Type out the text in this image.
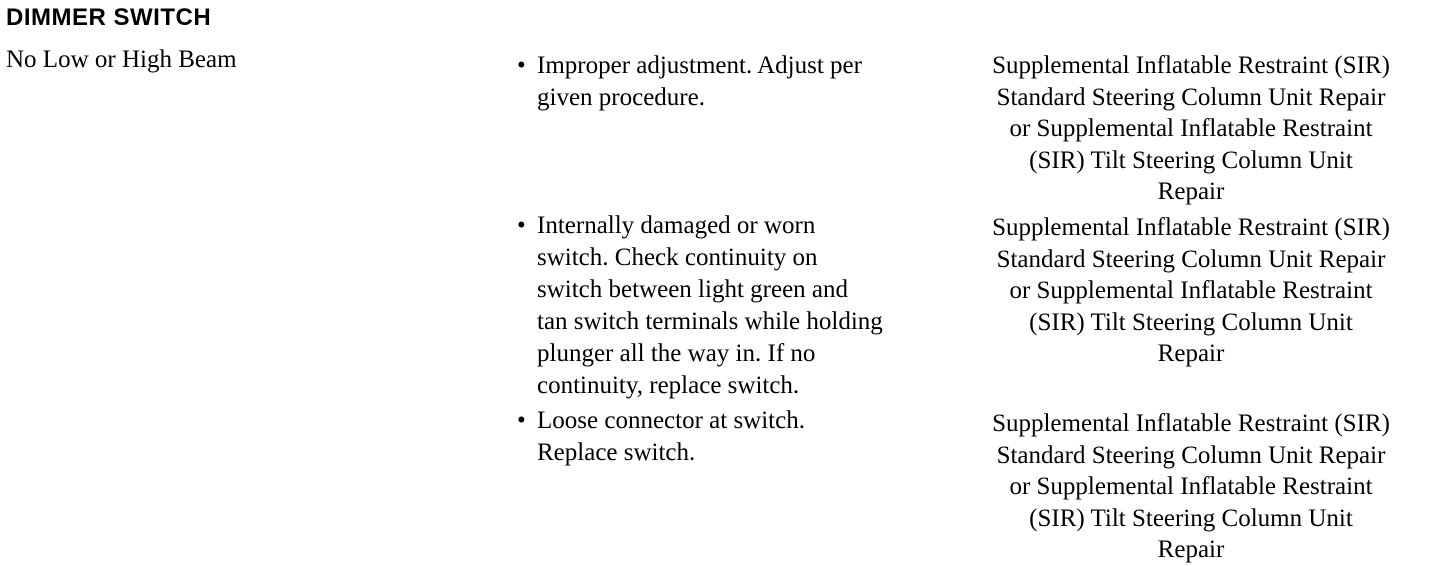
DIMMER SWITCH
No Low or High Beam	• Improper adjustment. Adjust per
given procedure.
Supplemental Inflatable Restraint (SIR)
Standard Steering Column Unit Repair
or Supplemental Inflatable Restraint
(SIR) Tilt Steering Column Unit
Repair
• Internally damaged or worn
switch. Check continuity on
switch between light green and
tan switch terminals while holding
plunger all the way in. If no
continuity, replace switch.
Supplemental Inflatable Restraint (SIR)
Standard Steering Column Unit Repair
or Supplemental Inflatable Restraint
(SIR) Tilt Steering Column Unit
Repair
• Loose connector at switch.
Replace switch.
Supplemental Inflatable Restraint (SIR)
Standard Steering Column Unit Repair
or Supplemental Inflatable Restraint
(SIR) Tilt Steering Column Unit
Repair
